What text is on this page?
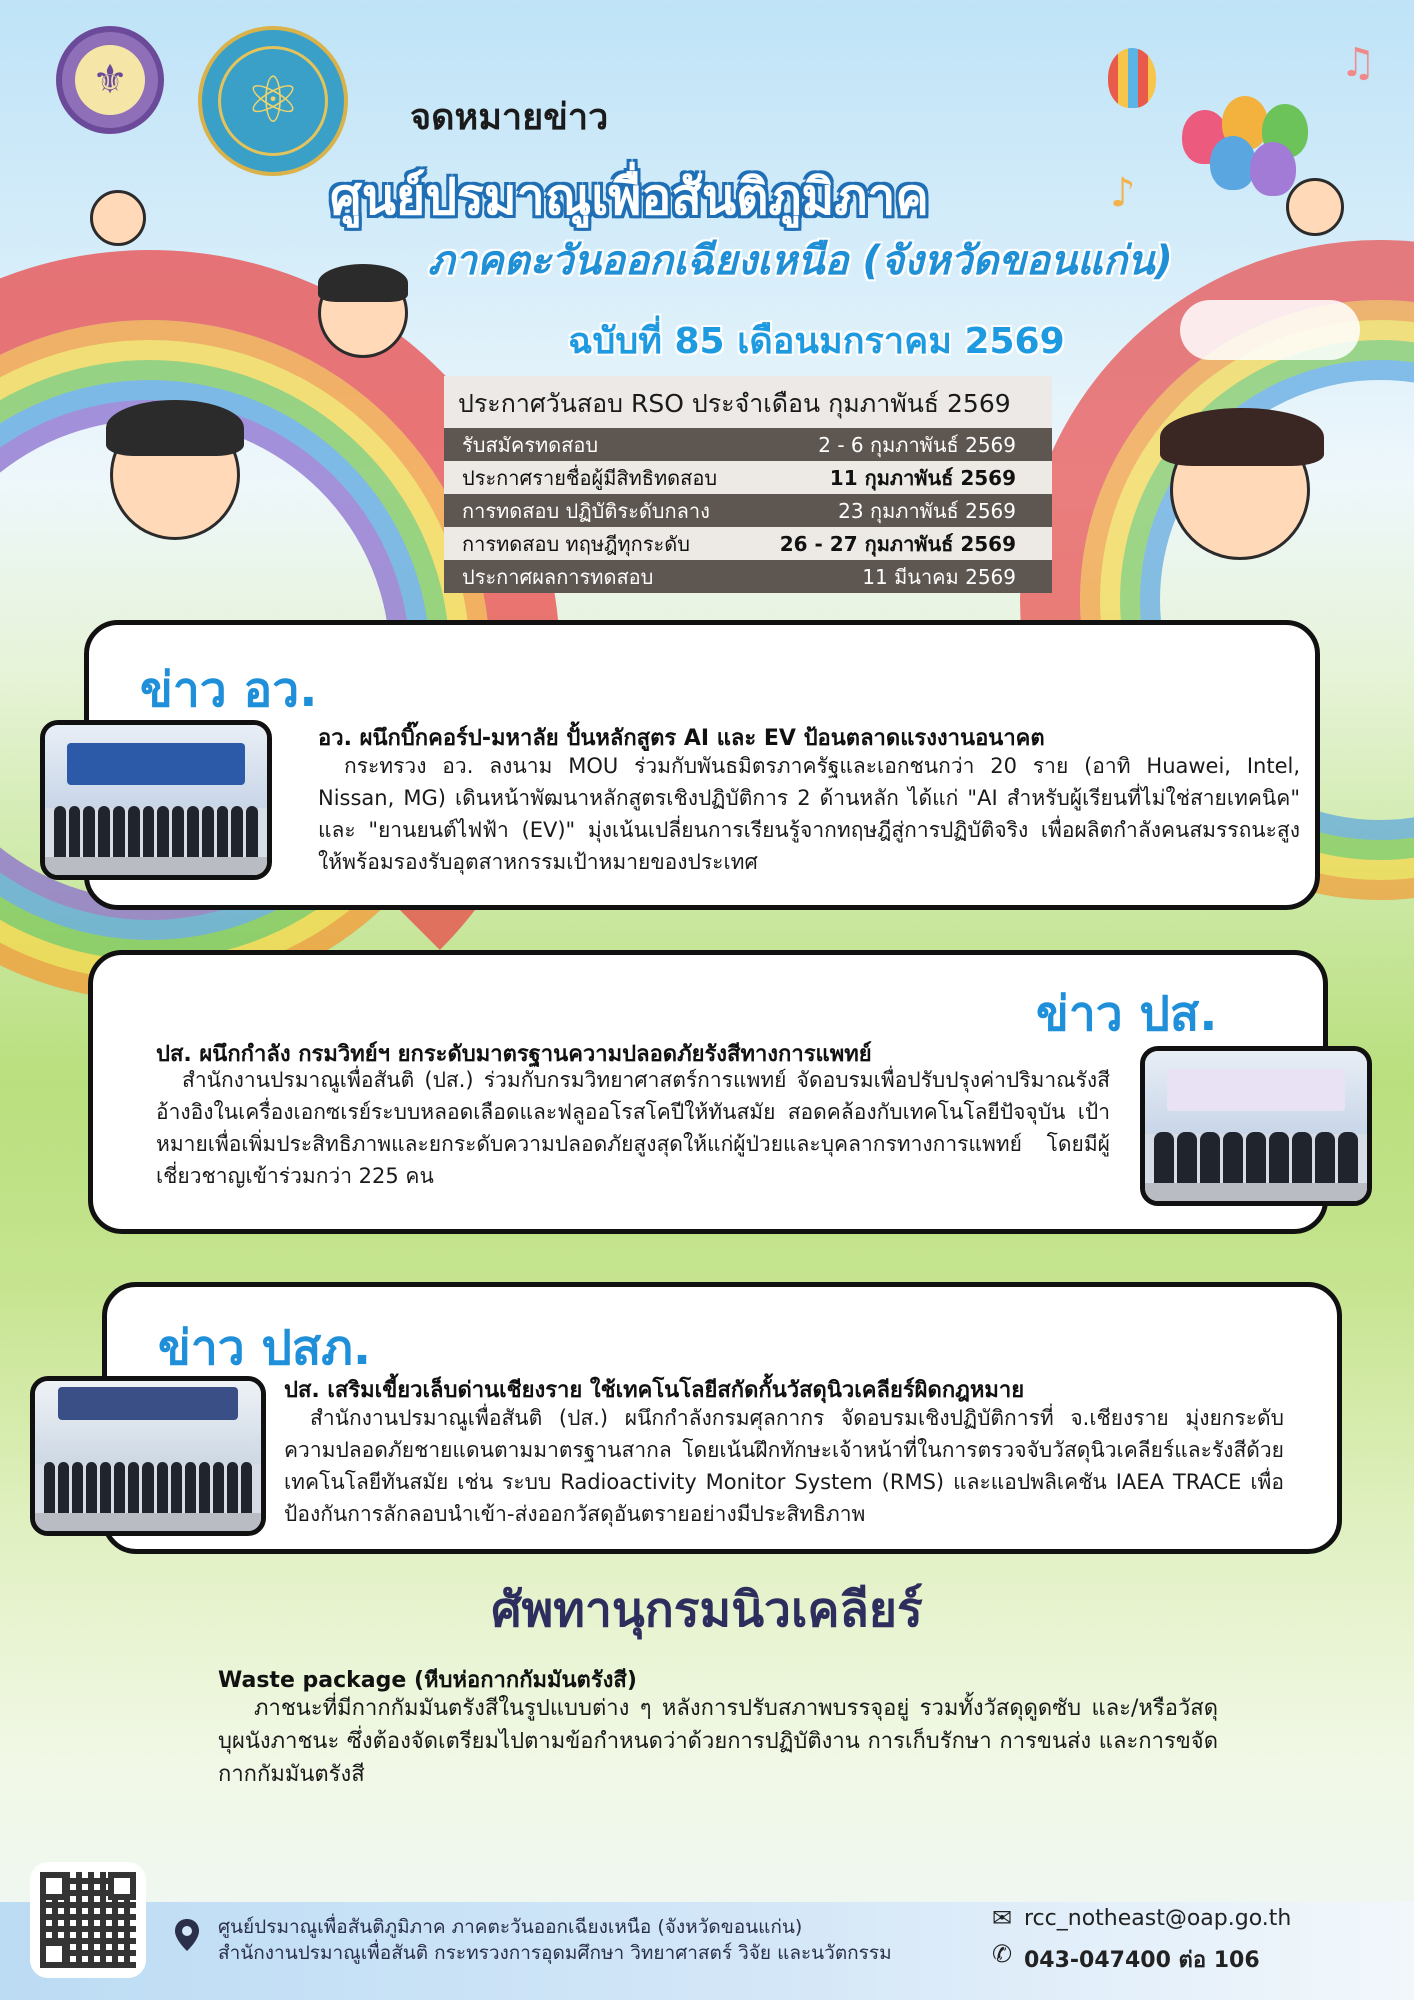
⚜	⚛
♫
♪
จดหมายข่าว
ศูนย์ปรมาณูเพื่อสันติภูมิภาค
ภาคตะวันออกเฉียงเหนือ (จังหวัดขอนแก่น)
ฉบับที่ 85 เดือนมกราคม 2569
ประกาศวันสอบ RSO ประจำเดือน กุมภาพันธ์ 2569
รับสมัครทดสอบ	2 - 6 กุมภาพันธ์ 2569
ประกาศรายชื่อผู้มีสิทธิทดสอบ	11 กุมภาพันธ์ 2569
การทดสอบ ปฏิบัติระดับกลาง	23 กุมภาพันธ์ 2569
การทดสอบ ทฤษฎีทุกระดับ	26 - 27 กุมภาพันธ์ 2569
ประกาศผลการทดสอบ	11 มีนาคม 2569
ข่าว อว.
อว. ผนึกบิ๊กคอร์ป-มหาลัย ปั้นหลักสูตร AI และ EV ป้อนตลาดแรงงานอนาคต
กระทรวง อว. ลงนาม MOU ร่วมกับพันธมิตรภาครัฐและเอกชนกว่า 20 ราย (อาทิ Huawei, Intel, Nissan, MG) เดินหน้าพัฒนาหลักสูตรเชิงปฏิบัติการ 2 ด้านหลัก ได้แก่ "AI สำหรับผู้เรียนที่ไม่ใช่สายเทคนิค" และ "ยานยนต์ไฟฟ้า (EV)" มุ่งเน้นเปลี่ยนการเรียนรู้จากทฤษฎีสู่การปฏิบัติจริง เพื่อผลิตกำลังคนสมรรถนะสูงให้พร้อมรองรับอุตสาหกรรมเป้าหมายของประเทศ
ข่าว ปส.
ปส. ผนึกกำลัง กรมวิทย์ฯ ยกระดับมาตรฐานความปลอดภัยรังสีทางการแพทย์
สำนักงานปรมาณูเพื่อสันติ (ปส.) ร่วมกับกรมวิทยาศาสตร์การแพทย์ จัดอบรมเพื่อปรับปรุงค่าปริมาณรังสีอ้างอิงในเครื่องเอกซเรย์ระบบหลอดเลือดและฟลูออโรสโคปีให้ทันสมัย สอดคล้องกับเทคโนโลยีปัจจุบัน เป้าหมายเพื่อเพิ่มประสิทธิภาพและยกระดับความปลอดภัยสูงสุดให้แก่ผู้ป่วยและบุคลากรทางการแพทย์ โดยมีผู้เชี่ยวชาญเข้าร่วมกว่า 225 คน
ข่าว ปสภ.
ปส. เสริมเขี้ยวเล็บด่านเชียงราย ใช้เทคโนโลยีสกัดกั้นวัสดุนิวเคลียร์ผิดกฎหมาย
สำนักงานปรมาณูเพื่อสันติ (ปส.) ผนึกกำลังกรมศุลกากร จัดอบรมเชิงปฏิบัติการที่ จ.เชียงราย มุ่งยกระดับความปลอดภัยชายแดนตามมาตรฐานสากล โดยเน้นฝึกทักษะเจ้าหน้าที่ในการตรวจจับวัสดุนิวเคลียร์และรังสีด้วยเทคโนโลยีทันสมัย เช่น ระบบ Radioactivity Monitor System (RMS) และแอปพลิเคชัน IAEA TRACE เพื่อป้องกันการลักลอบนำเข้า-ส่งออกวัสดุอันตรายอย่างมีประสิทธิภาพ
ศัพทานุกรมนิวเคลียร์
Waste package (หีบห่อกากกัมมันตรังสี)
ภาชนะที่มีกากกัมมันตรังสีในรูปแบบต่าง ๆ หลังการปรับสภาพบรรจุอยู่ รวมทั้งวัสดุดูดซับ และ/หรือวัสดุบุผนังภาชนะ ซึ่งต้องจัดเตรียมไปตามข้อกำหนดว่าด้วยการปฏิบัติงาน การเก็บรักษา การขนส่ง และการขจัดกากกัมมันตรังสี
ศูนย์ปรมาณูเพื่อสันติภูมิภาค ภาคตะวันออกเฉียงเหนือ (จังหวัดขอนแก่น)
สำนักงานปรมาณูเพื่อสันติ กระทรวงการอุดมศึกษา วิทยาศาสตร์ วิจัย และนวัตกรรม
✉ rcc_notheast@oap.go.th
✆ 043-047400 ต่อ 106
